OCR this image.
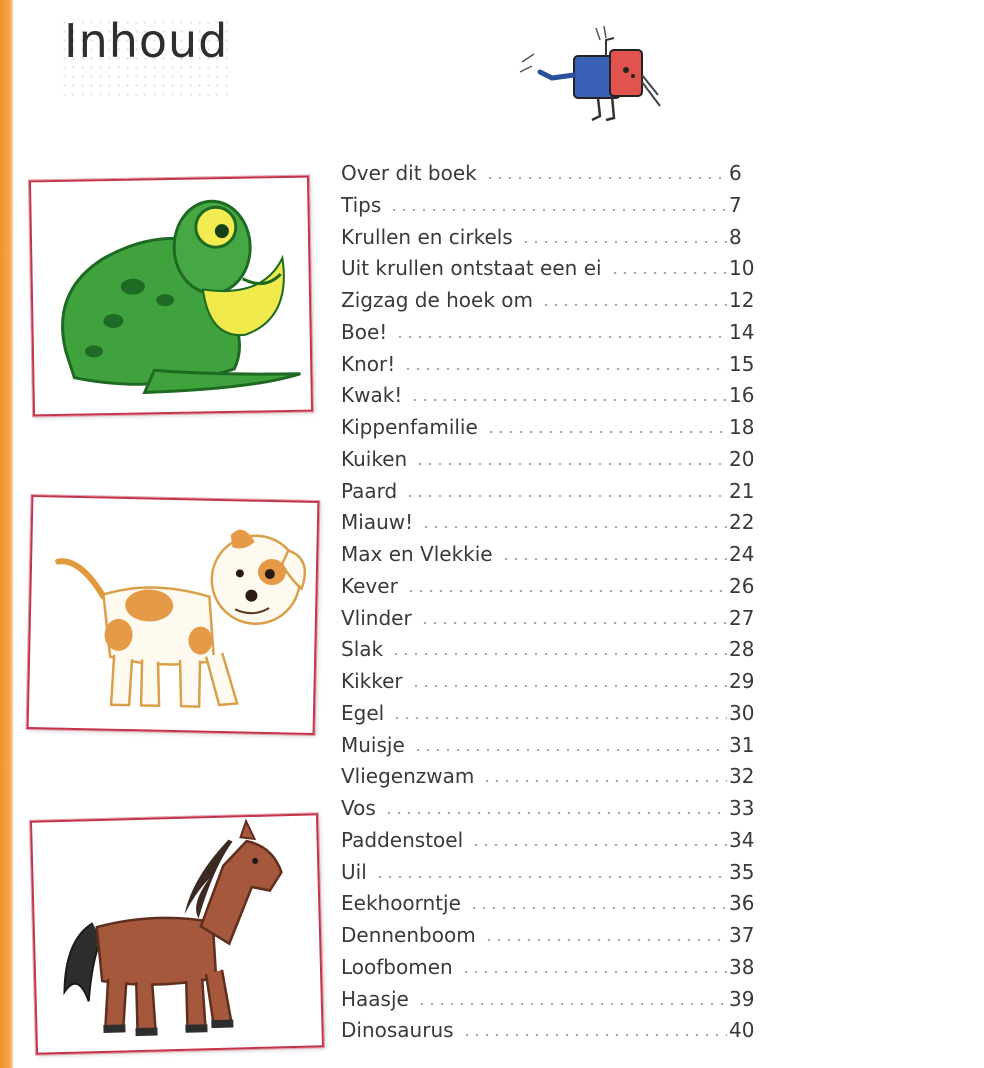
Inhoud
Over dit boek	6
Tips	7
Krullen en cirkels	8
Uit krullen ontstaat een ei	10
Zigzag de hoek om	12
Boe!	14
Knor!	15
Kwak!	16
Kippenfamilie	18
Kuiken	20
Paard	21
Miauw!	22
Max en Vlekkie	24
Kever	26
Vlinder	27
Slak	28
Kikker	29
Egel	30
Muisje	31
Vliegenzwam	32
Vos	33
Paddenstoel	34
Uil	35
Eekhoorntje	36
Dennenboom	37
Loofbomen	38
Haasje	39
Dinosaurus	40
